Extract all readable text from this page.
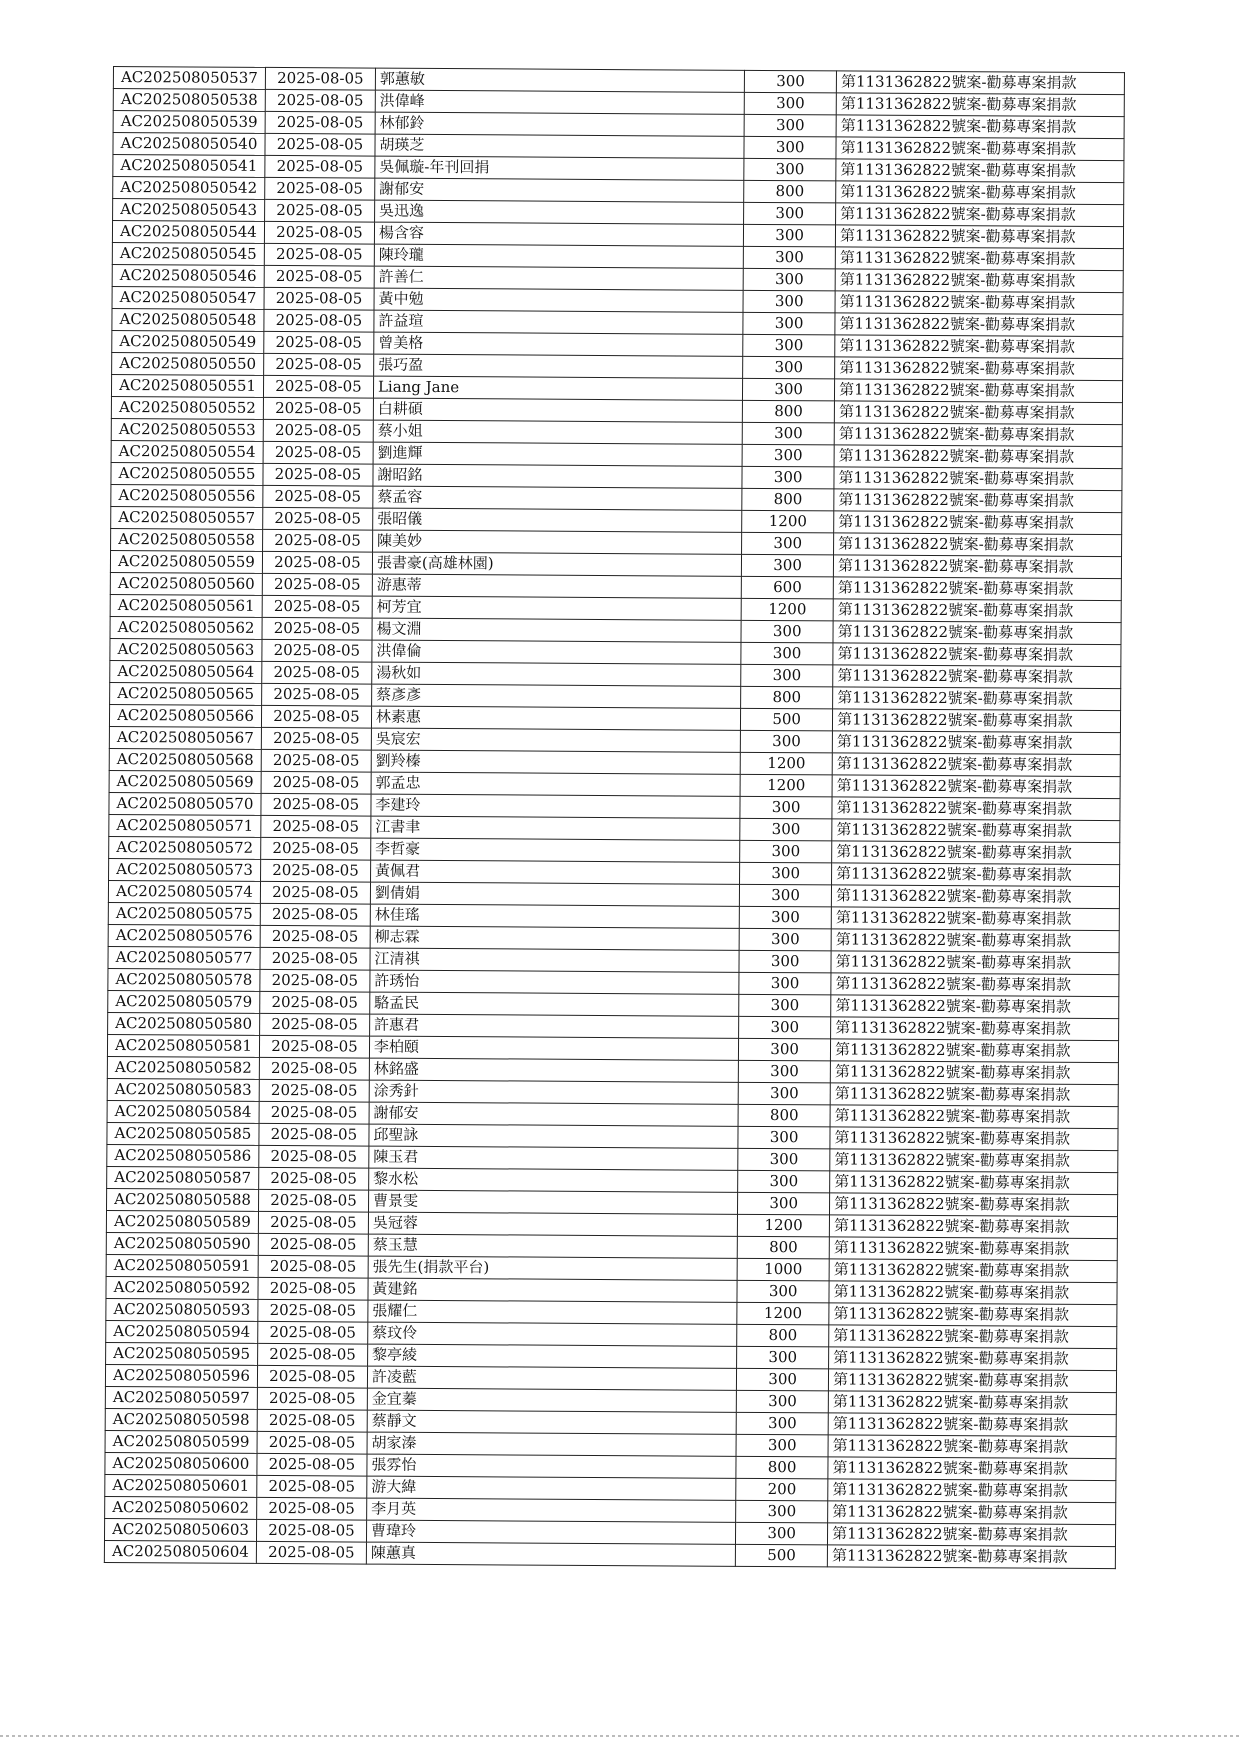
AC202508050537	2025-08-05	郭蕙敏	300	第1131362822號案-勸募專案捐款
AC202508050538	2025-08-05	洪偉峰	300	第1131362822號案-勸募專案捐款
AC202508050539	2025-08-05	林郁鈴	300	第1131362822號案-勸募專案捐款
AC202508050540	2025-08-05	胡瑛芝	300	第1131362822號案-勸募專案捐款
AC202508050541	2025-08-05	吳佩璇-年刊回捐	300	第1131362822號案-勸募專案捐款
AC202508050542	2025-08-05	謝郁安	800	第1131362822號案-勸募專案捐款
AC202508050543	2025-08-05	吳迅逸	300	第1131362822號案-勸募專案捐款
AC202508050544	2025-08-05	楊含容	300	第1131362822號案-勸募專案捐款
AC202508050545	2025-08-05	陳玲瓏	300	第1131362822號案-勸募專案捐款
AC202508050546	2025-08-05	許善仁	300	第1131362822號案-勸募專案捐款
AC202508050547	2025-08-05	黃中勉	300	第1131362822號案-勸募專案捐款
AC202508050548	2025-08-05	許益瑄	300	第1131362822號案-勸募專案捐款
AC202508050549	2025-08-05	曾美格	300	第1131362822號案-勸募專案捐款
AC202508050550	2025-08-05	張巧盈	300	第1131362822號案-勸募專案捐款
AC202508050551	2025-08-05	Liang Jane	300	第1131362822號案-勸募專案捐款
AC202508050552	2025-08-05	白耕碩	800	第1131362822號案-勸募專案捐款
AC202508050553	2025-08-05	蔡小姐	300	第1131362822號案-勸募專案捐款
AC202508050554	2025-08-05	劉進輝	300	第1131362822號案-勸募專案捐款
AC202508050555	2025-08-05	謝昭銘	300	第1131362822號案-勸募專案捐款
AC202508050556	2025-08-05	蔡孟容	800	第1131362822號案-勸募專案捐款
AC202508050557	2025-08-05	張昭儀	1200	第1131362822號案-勸募專案捐款
AC202508050558	2025-08-05	陳美妙	300	第1131362822號案-勸募專案捐款
AC202508050559	2025-08-05	張書豪(高雄林園)	300	第1131362822號案-勸募專案捐款
AC202508050560	2025-08-05	游惠蒂	600	第1131362822號案-勸募專案捐款
AC202508050561	2025-08-05	柯芳宜	1200	第1131362822號案-勸募專案捐款
AC202508050562	2025-08-05	楊文淵	300	第1131362822號案-勸募專案捐款
AC202508050563	2025-08-05	洪偉倫	300	第1131362822號案-勸募專案捐款
AC202508050564	2025-08-05	湯秋如	300	第1131362822號案-勸募專案捐款
AC202508050565	2025-08-05	蔡彥彥	800	第1131362822號案-勸募專案捐款
AC202508050566	2025-08-05	林素惠	500	第1131362822號案-勸募專案捐款
AC202508050567	2025-08-05	吳宸宏	300	第1131362822號案-勸募專案捐款
AC202508050568	2025-08-05	劉羚榛	1200	第1131362822號案-勸募專案捐款
AC202508050569	2025-08-05	郭孟忠	1200	第1131362822號案-勸募專案捐款
AC202508050570	2025-08-05	李建玲	300	第1131362822號案-勸募專案捐款
AC202508050571	2025-08-05	江書聿	300	第1131362822號案-勸募專案捐款
AC202508050572	2025-08-05	李哲豪	300	第1131362822號案-勸募專案捐款
AC202508050573	2025-08-05	黃佩君	300	第1131362822號案-勸募專案捐款
AC202508050574	2025-08-05	劉倩娟	300	第1131362822號案-勸募專案捐款
AC202508050575	2025-08-05	林佳瑤	300	第1131362822號案-勸募專案捐款
AC202508050576	2025-08-05	柳志霖	300	第1131362822號案-勸募專案捐款
AC202508050577	2025-08-05	江清祺	300	第1131362822號案-勸募專案捐款
AC202508050578	2025-08-05	許琇怡	300	第1131362822號案-勸募專案捐款
AC202508050579	2025-08-05	駱孟民	300	第1131362822號案-勸募專案捐款
AC202508050580	2025-08-05	許惠君	300	第1131362822號案-勸募專案捐款
AC202508050581	2025-08-05	李柏頤	300	第1131362822號案-勸募專案捐款
AC202508050582	2025-08-05	林銘盛	300	第1131362822號案-勸募專案捐款
AC202508050583	2025-08-05	涂秀針	300	第1131362822號案-勸募專案捐款
AC202508050584	2025-08-05	謝郁安	800	第1131362822號案-勸募專案捐款
AC202508050585	2025-08-05	邱聖詠	300	第1131362822號案-勸募專案捐款
AC202508050586	2025-08-05	陳玉君	300	第1131362822號案-勸募專案捐款
AC202508050587	2025-08-05	黎水松	300	第1131362822號案-勸募專案捐款
AC202508050588	2025-08-05	曹景雯	300	第1131362822號案-勸募專案捐款
AC202508050589	2025-08-05	吳冠蓉	1200	第1131362822號案-勸募專案捐款
AC202508050590	2025-08-05	蔡玉慧	800	第1131362822號案-勸募專案捐款
AC202508050591	2025-08-05	張先生(捐款平台)	1000	第1131362822號案-勸募專案捐款
AC202508050592	2025-08-05	黃建銘	300	第1131362822號案-勸募專案捐款
AC202508050593	2025-08-05	張耀仁	1200	第1131362822號案-勸募專案捐款
AC202508050594	2025-08-05	蔡玟伶	800	第1131362822號案-勸募專案捐款
AC202508050595	2025-08-05	黎亭綾	300	第1131362822號案-勸募專案捐款
AC202508050596	2025-08-05	許凌藍	300	第1131362822號案-勸募專案捐款
AC202508050597	2025-08-05	金宜蓁	300	第1131362822號案-勸募專案捐款
AC202508050598	2025-08-05	蔡靜文	300	第1131362822號案-勸募專案捐款
AC202508050599	2025-08-05	胡家溱	300	第1131362822號案-勸募專案捐款
AC202508050600	2025-08-05	張雰怡	800	第1131362822號案-勸募專案捐款
AC202508050601	2025-08-05	游大緯	200	第1131362822號案-勸募專案捐款
AC202508050602	2025-08-05	李月英	300	第1131362822號案-勸募專案捐款
AC202508050603	2025-08-05	曹瑋玲	300	第1131362822號案-勸募專案捐款
AC202508050604	2025-08-05	陳蕙真	500	第1131362822號案-勸募專案捐款
